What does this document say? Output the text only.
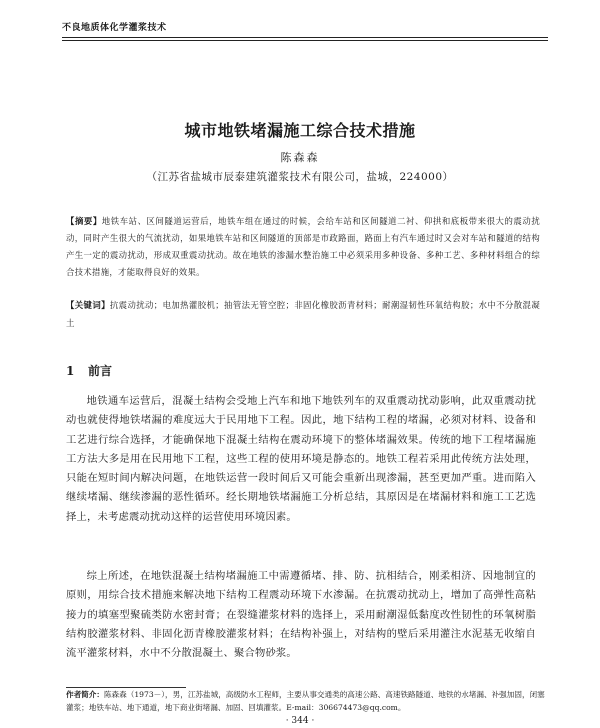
不良地质体化学灌浆技术
城市地铁堵漏施工综合技术措施
陈森森
（江苏省盐城市辰泰建筑灌浆技术有限公司，盐城，224000）
【摘要】地铁车站、区间隧道运营后，地铁车组在通过的时候，会给车站和区间隧道二衬、仰拱和底板带来很大的震动扰动，同时产生很大的气流扰动，如果地铁车站和区间隧道的顶部是市政路面，路面上有汽车通过时又会对车站和隧道的结构产生一定的震动扰动，形成双重震动扰动。故在地铁的渗漏水整治施工中必须采用多种设备、多种工艺、多种材料组合的综合技术措施，才能取得良好的效果。
【关键词】抗震动扰动；电加热灌胶机；抽管法无管空腔；非固化橡胶沥青材料；耐潮湿韧性环氧结构胶；水中不分散混凝土
1 前言

地铁通车运营后，混凝土结构会受地上汽车和地下地铁列车的双重震动扰动影响，此双重震动扰动也就使得地铁堵漏的难度远大于民用地下工程。因此，地下结构工程的堵漏，必须对材料、设备和工艺进行综合选择，才能确保地下混凝土结构在震动环境下的整体堵漏效果。传统的地下工程堵漏施工方法大多是用在民用地下工程，这些工程的使用环境是静态的。地铁工程若采用此传统方法处理，只能在短时间内解决问题，在地铁运营一段时间后又可能会重新出现渗漏，甚至更加严重。进而陷入继续堵漏、继续渗漏的恶性循环。经长期地铁堵漏施工分析总结，其原因是在堵漏材料和施工工艺选择上，未考虑震动扰动这样的运营使用环境因素。

综上所述，在地铁混凝土结构堵漏施工中需遵循堵、排、防、抗相结合，刚柔相济、因地制宜的原则，用综合技术措施来解决地下结构工程震动环境下水渗漏。在抗震动扰动上，增加了高弹性高粘接力的填塞型聚硫类防水密封膏；在裂缝灌浆材料的选择上，采用耐潮湿低黏度改性韧性的环氧树脂结构胶灌浆材料、非固化沥青橡胶灌浆材料；在结构补强上，对结构的壁后采用灌注水泥基无收缩自流平灌浆材料，水中不分散混凝土、聚合物砂浆。

作者简介：陈森森（1973－），男，江苏盐城，高级防水工程师，主要从事交通类的高速公路、高速铁路隧道、地铁的水堵漏、补强加固，闭塞灌浆；地铁车站、地下通道，地下商业街堵漏、加固、回填灌浆。E-mail：306674473@qq.com。
· 344 ·
